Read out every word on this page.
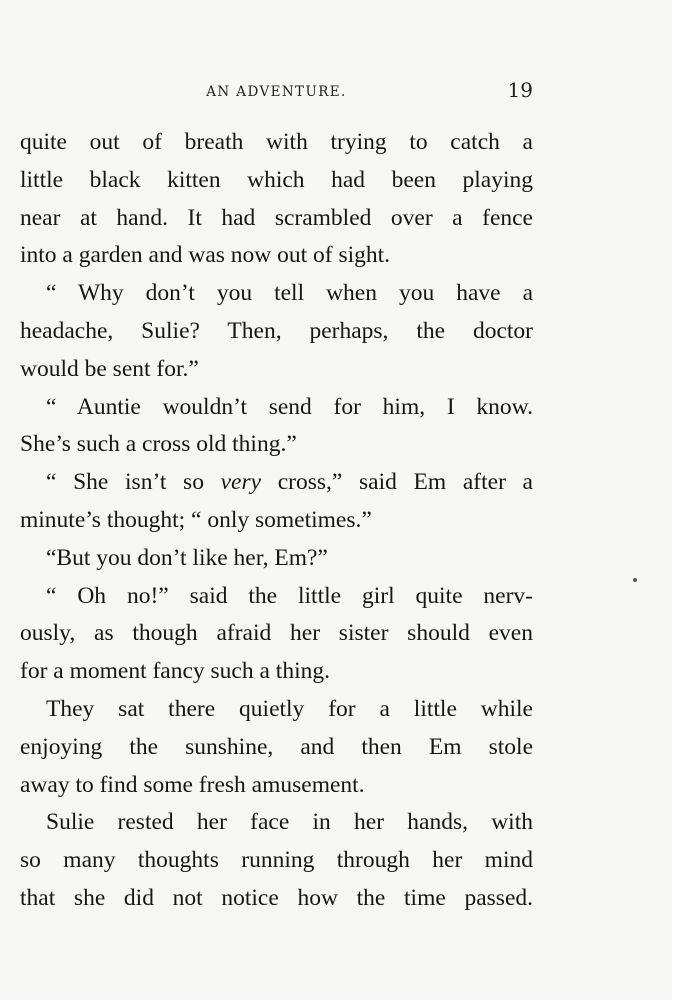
AN ADVENTURE.	19
quite out of breath with trying to catch a
little black kitten which had been playing
near at hand. It had scrambled over a fence
into a garden and was now out of sight.
“ Why don’t you tell when you have a
headache, Sulie? Then, perhaps, the doctor
would be sent for.”
“ Auntie wouldn’t send for him, I know.
She’s such a cross old thing.”
“ She isn’t so very cross,” said Em after a
minute’s thought; “ only sometimes.”
“But you don’t like her, Em?”
“ Oh no!” said the little girl quite nerv-
ously, as though afraid her sister should even
for a moment fancy such a thing.
They sat there quietly for a little while
enjoying the sunshine, and then Em stole
away to find some fresh amusement.
Sulie rested her face in her hands, with
so many thoughts running through her mind
that she did not notice how the time passed.
